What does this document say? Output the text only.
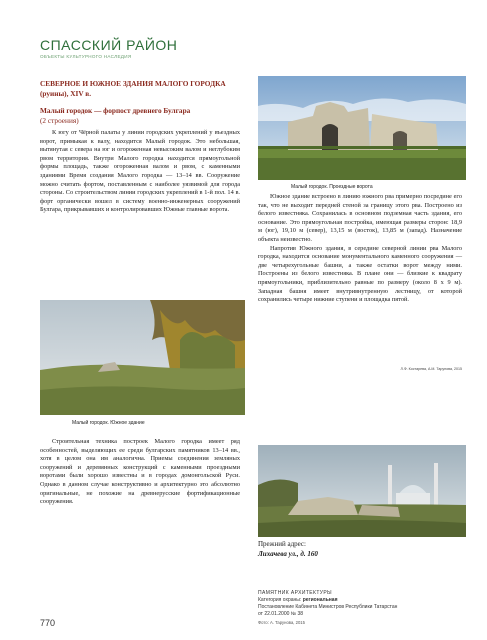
СПАССКИЙ РАЙОН
ОБЪЕКТЫ КУЛЬТУРНОГО НАСЛЕДИЯ
СЕВЕРНОЕ И ЮЖНОЕ ЗДАНИЯ МАЛОГО ГОРОДКА (руины), XIV в.
Малый городок — форпост древнего Булгара
(2 строения)
К югу от Чёрной палаты у линии городских укреплений у въездных ворот, примыкая к валу, находится Малый городок. Это небольшая, вытянутая с севера на юг и огороженная невысоким валом и неглубоким рвом территория. Внутри Малого городка находится прямоугольной формы площадь, также огороженная валом и рвом, с каменными зданиями Время создания Малого городка — 13–14 вв. Сооружение можно считать фортом, поставленным с наиболее уязвимой для города стороны. Со строительством линии городских укреплений в 1-й пол. 14 в. форт органически вошел в систему военно-инженерных сооружений Булгара, прикрывавших и контролировавших Южные главные ворота.
Малый городок. Проездные ворота
Южное здание встроено в линию южного рва примерно посредине его так, что не выходит передней стеной за границу этого рва. Построено из белого известняка. Сохранилась в основном подземная часть здания, его основание. Это прямоугольная постройка, имеющая размеры сторон: 18,9 м (юг), 19,10 м (север), 13,15 м (восток), 13,85 м (запад). Назначение объекта неизвестно.
Напротив Южного здания, в середине северной линии рва Малого городка, находится основание монументального каменного сооружения — две четырехугольные башни, а также остатки ворот между ними. Построены из белого известняка. В плане они — близкие к квадрату прямоугольники, приблизительно равные по размеру (около 8 х 9 м). Западная башня имеет внутривнутренную лестницу, от которой сохранились четыре нижние ступени и площадка пятой.
Л.Ф. Костарева, А.М. Тарунова, 2015
Малый городок. Южное здание
Строительная техника построек Малого городка имеет ряд особенностей, выделяющих ее среди булгарских памятников 13–14 вв., хотя в целом она им аналогична. Приемы соединения земляных сооружений и деревянных конструкций с каменными проездными воротами были хорошо известны и в городах домонгольской Руси. Однако в данном случае конструктивно и архитектурно это абсолютно оригинальные, не похожие на древнерусские фортификационные сооружения.
Прежний адрес:
Лихачева ул., д. 160
ПАМЯТНИК АРХИТЕКТУРЫ
Категория охраны: региональная
Постановление Кабинета Министров Республики Татарстан
от 22.01.2000 № 38
770	Фото: А. Тарунова, 2015
